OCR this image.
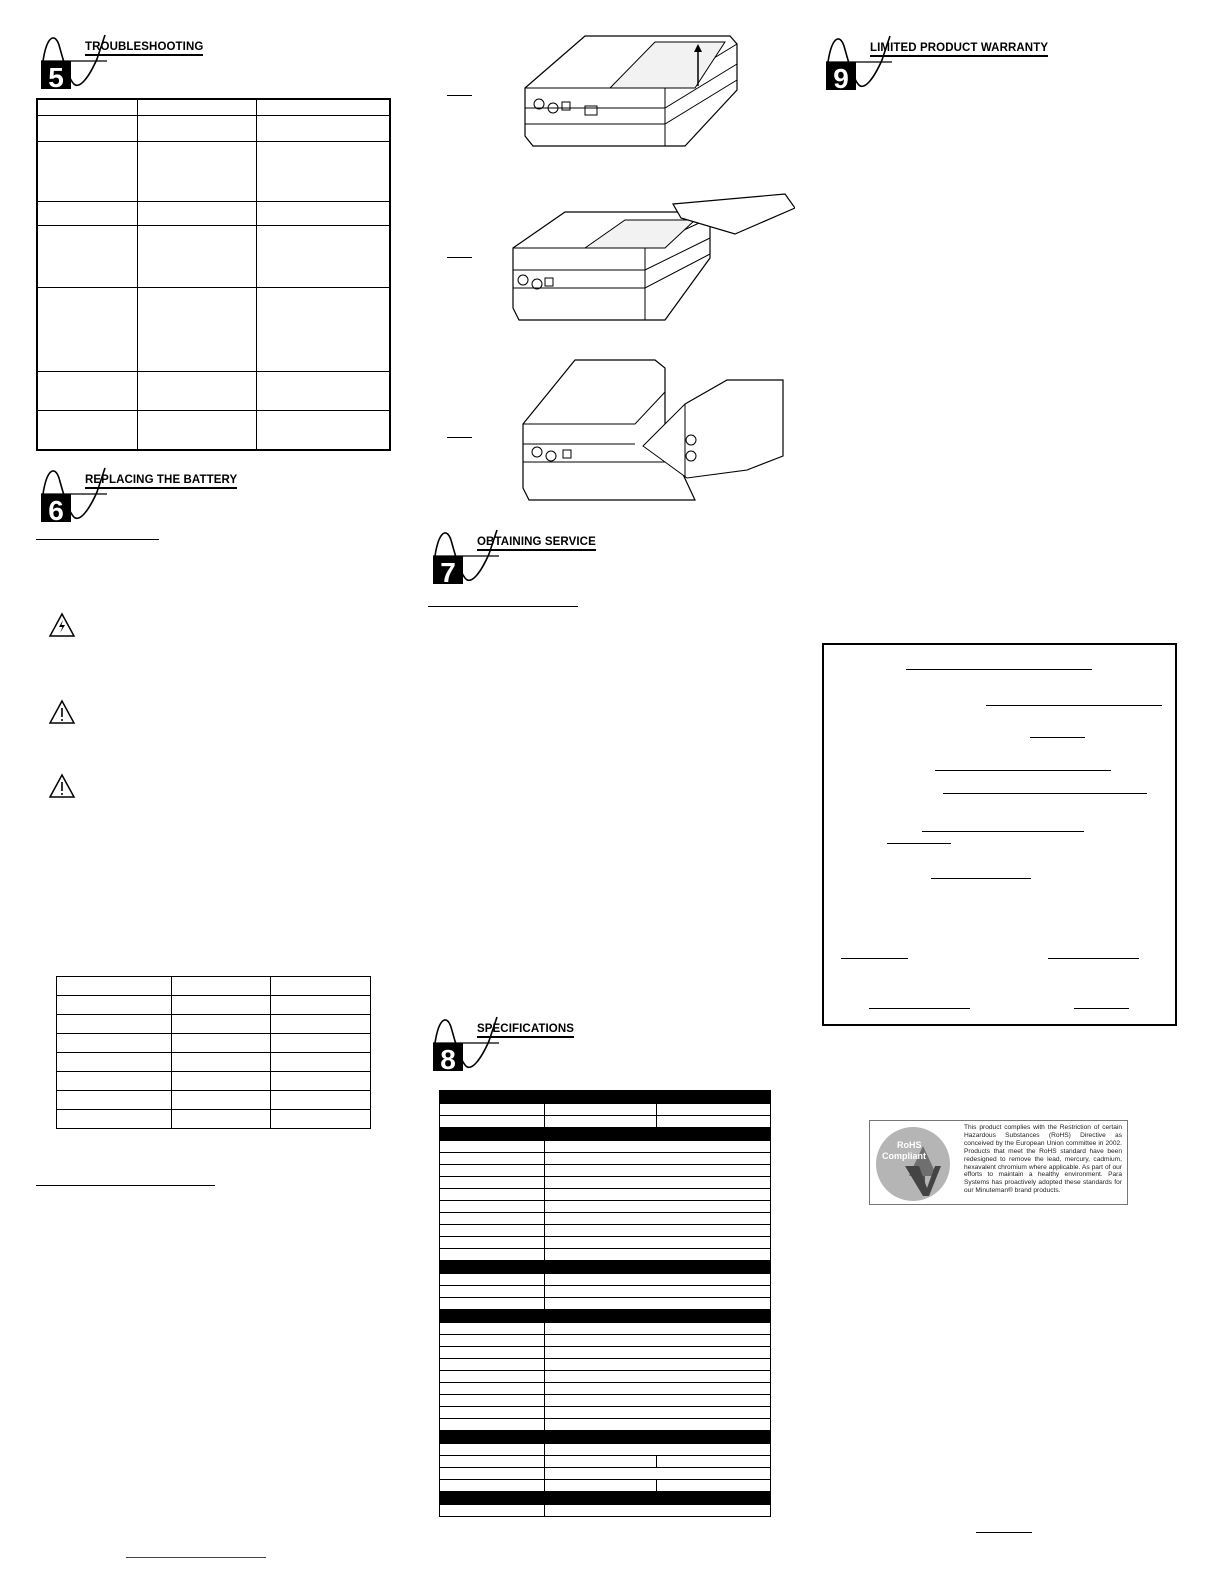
5
TROUBLESHOOTING

6
REPLACING THE BATTERY

7
OBTAINING SERVICE
8
SPECIFICATIONS

9
LIMITED PRODUCT WARRANTY
RoHS
Compliant
This product complies with the Restriction of certain Hazardous Substances (RoHS) Directive as conceived by the European Union committee in 2002. Products that meet the RoHS standard have been redesigned to remove the lead, mercury, cadmium, hexavalent chromium where applicable. As part of our efforts to maintain a healthy environment. Para Systems has proactively adopted these standards for our Minuteman® brand products.
